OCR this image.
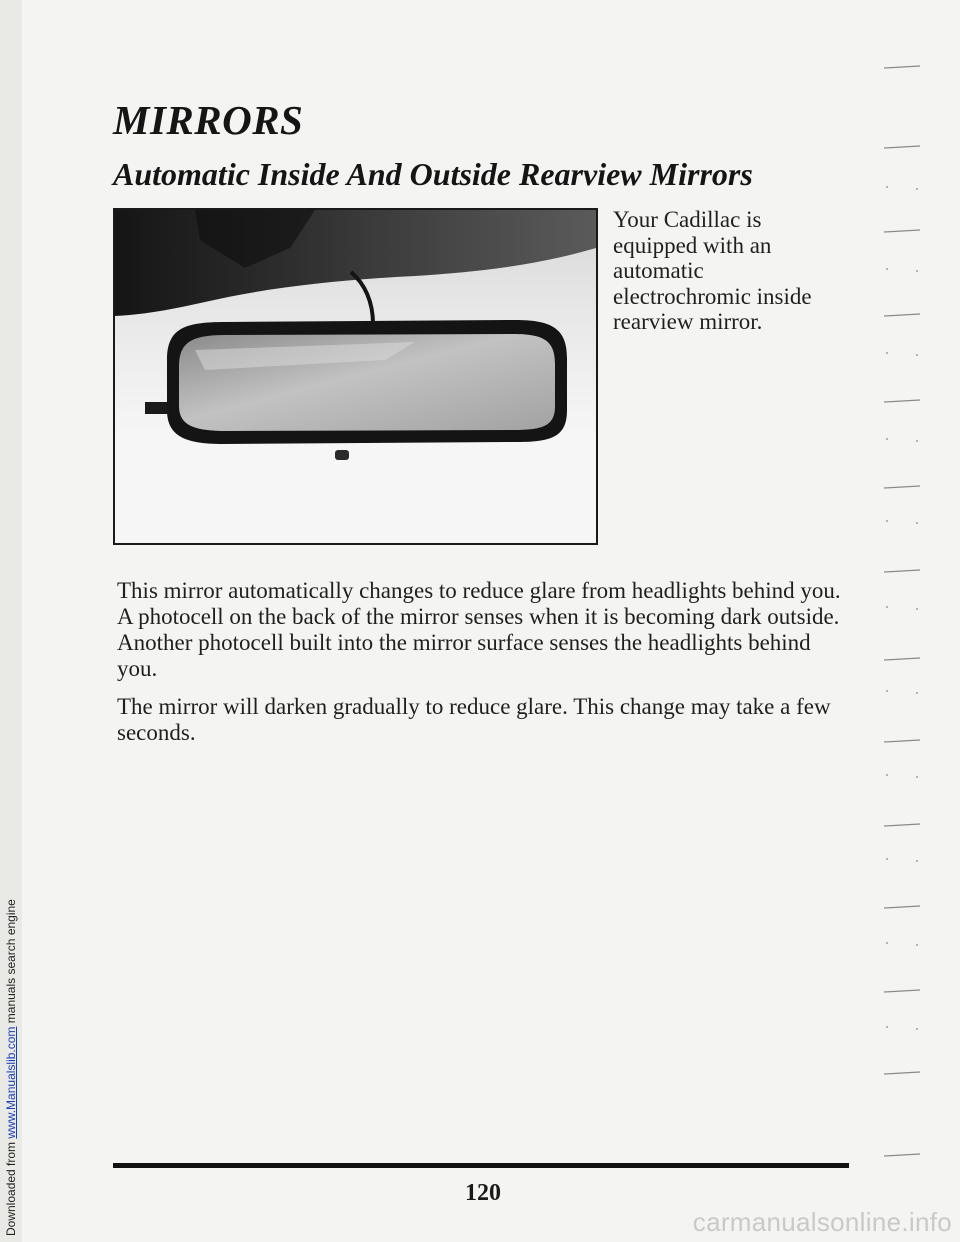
Downloaded from www.Manualslib.com manuals search engine
MIRRORS
Automatic Inside And Outside Rearview Mirrors

Your Cadillac is equipped with an automatic electrochromic inside rearview mirror.

This mirror automatically changes to reduce glare from headlights behind you. A photocell on the back of the mirror senses when it is becoming dark outside. Another photocell built into the mirror surface senses the headlights behind you.

The mirror will darken gradually to reduce glare. This change may take a few seconds.

120
carmanualsonline.info
